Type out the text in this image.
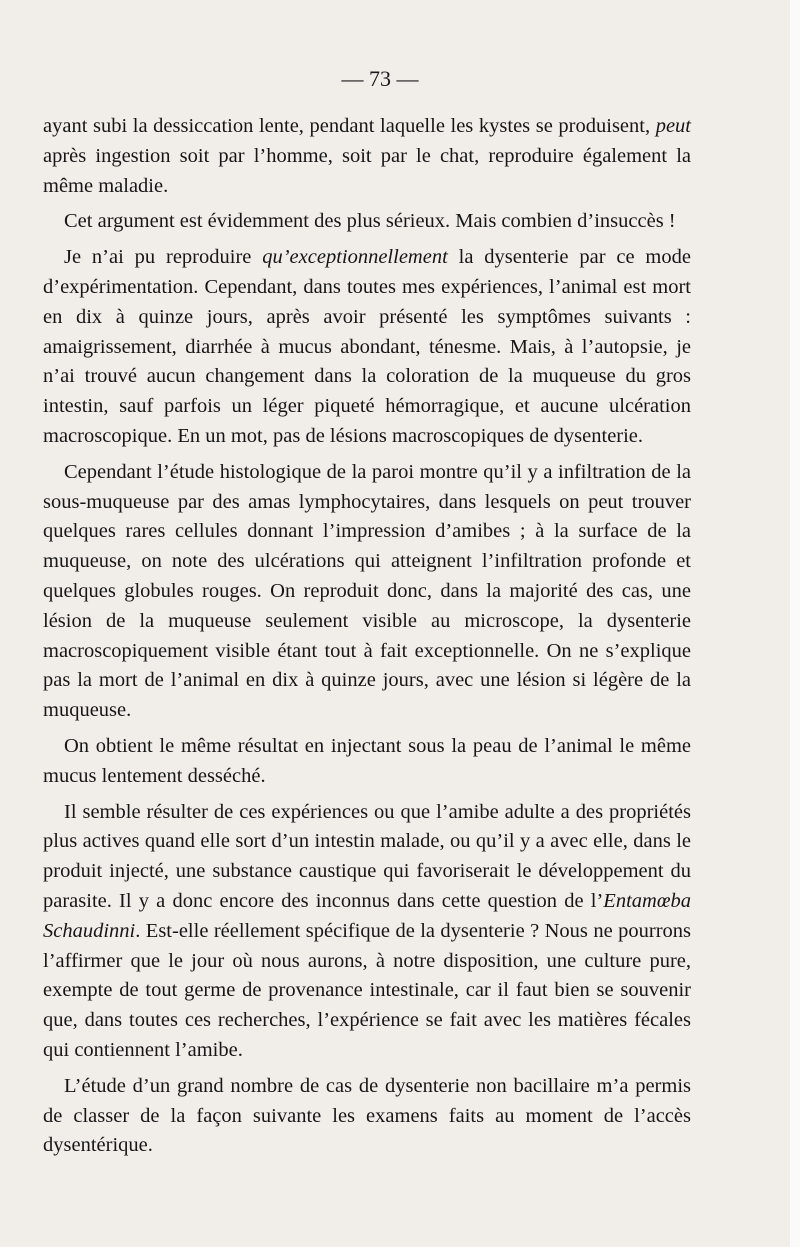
— 73 —

ayant subi la dessiccation lente, pendant laquelle les kystes se produisent, peut après ingestion soit par l’homme, soit par le chat, reproduire également la même maladie.

Cet argument est évidemment des plus sérieux. Mais combien d’insuccès !

Je n’ai pu reproduire qu’exceptionnellement la dysenterie par ce mode d’expérimentation. Cependant, dans toutes mes expériences, l’animal est mort en dix à quinze jours, après avoir présenté les symptômes suivants : amaigrissement, diarrhée à mucus abondant, ténesme. Mais, à l’autopsie, je n’ai trouvé aucun changement dans la coloration de la muqueuse du gros intestin, sauf parfois un léger piqueté hémorragique, et aucune ulcération macroscopique. En un mot, pas de lésions macroscopiques de dysenterie.

Cependant l’étude histologique de la paroi montre qu’il y a infiltration de la sous-muqueuse par des amas lymphocytaires, dans lesquels on peut trouver quelques rares cellules donnant l’impression d’amibes ; à la surface de la muqueuse, on note des ulcérations qui atteignent l’infiltration profonde et quelques globules rouges. On reproduit donc, dans la majorité des cas, une lésion de la muqueuse seulement visible au microscope, la dysenterie macroscopiquement visible étant tout à fait exceptionnelle. On ne s’explique pas la mort de l’animal en dix à quinze jours, avec une lésion si légère de la muqueuse.

On obtient le même résultat en injectant sous la peau de l’animal le même mucus lentement desséché.

Il semble résulter de ces expériences ou que l’amibe adulte a des propriétés plus actives quand elle sort d’un intestin malade, ou qu’il y a avec elle, dans le produit injecté, une substance caustique qui favoriserait le développement du parasite. Il y a donc encore des inconnus dans cette question de l’Entamœba Schaudinni. Est-elle réellement spécifique de la dysenterie ? Nous ne pourrons l’affirmer que le jour où nous aurons, à notre disposition, une culture pure, exempte de tout germe de provenance intestinale, car il faut bien se souvenir que, dans toutes ces recherches, l’expérience se fait avec les matières fécales qui contiennent l’amibe.

L’étude d’un grand nombre de cas de dysenterie non bacillaire m’a permis de classer de la façon suivante les examens faits au moment de l’accès dysentérique.
